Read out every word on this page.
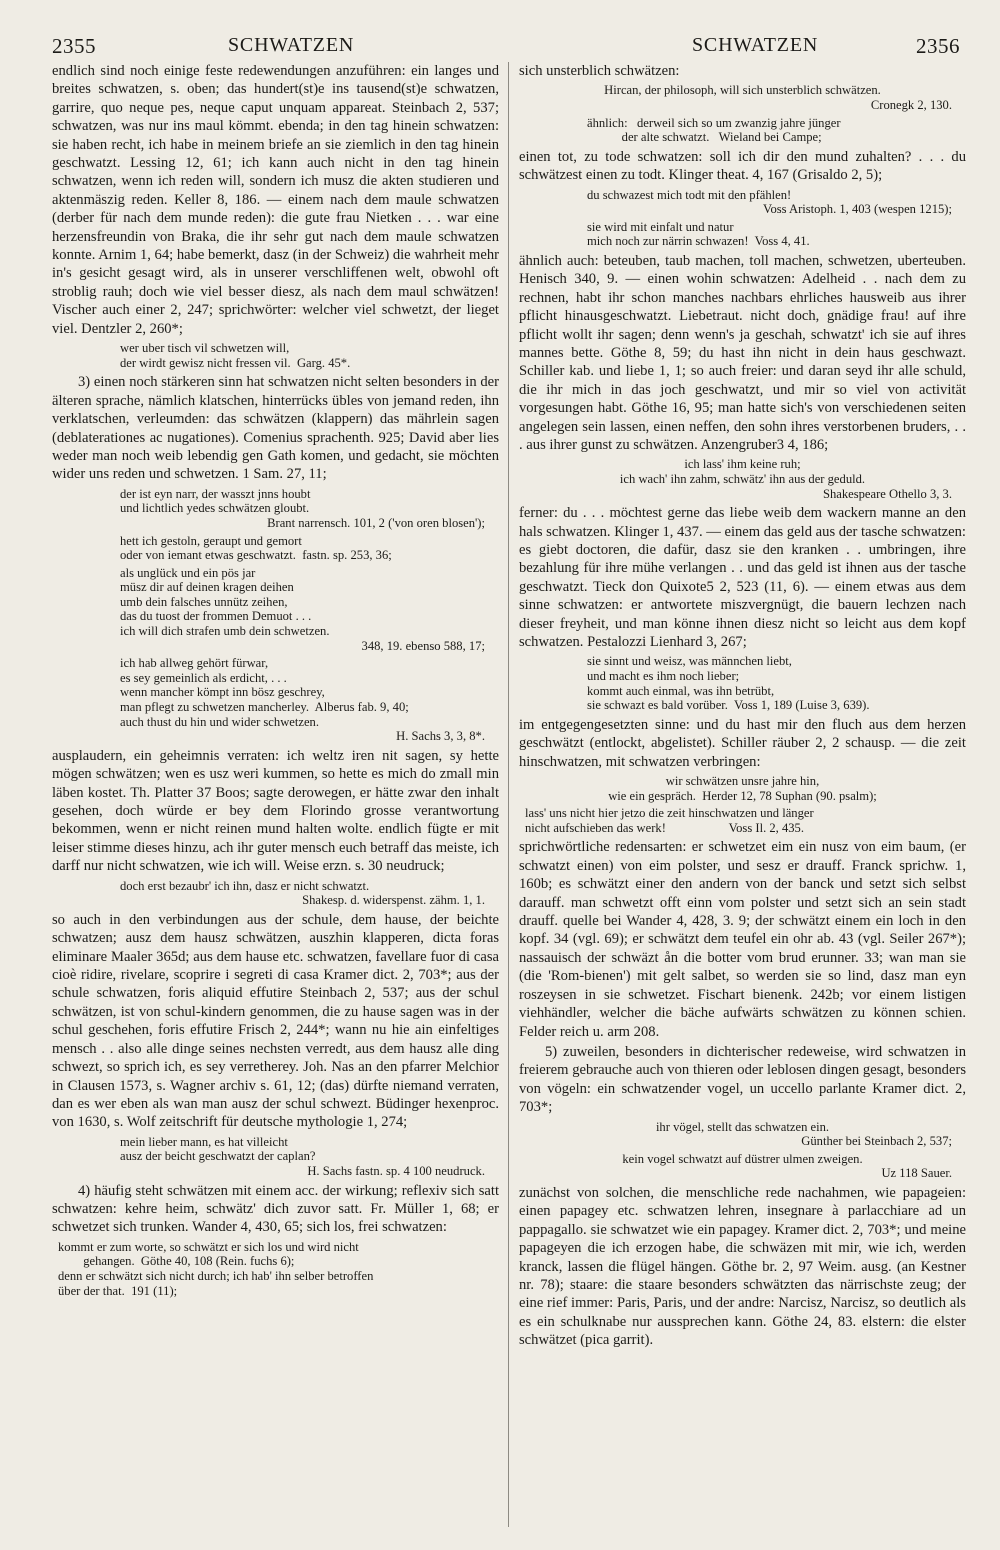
2355	SCHWATZEN	SCHWATZEN	2356
endlich sind noch einige feste redewendungen anzuführen: ein langes und breites schwatzen, s. oben; das hundert(st)e ins tausend(st)e schwatzen, garrire, quo neque pes, neque caput unquam appareat. Steinbach 2, 537; schwatzen, was nur ins maul kömmt. ebenda; in den tag hinein schwatzen: sie haben recht, ich habe in meinem briefe an sie ziemlich in den tag hinein geschwatzt. Lessing 12, 61; ich kann auch nicht in den tag hinein schwatzen, wenn ich reden will, sondern ich musz die akten studieren und aktenmäszig reden. Keller 8, 186. — einem nach dem maule schwatzen (derber für nach dem munde reden): die gute frau Nietken . . . war eine herzensfreundin von Braka, die ihr sehr gut nach dem maule schwatzen konnte. Arnim 1, 64; habe bemerkt, dasz (in der Schweiz) die wahrheit mehr in's gesicht gesagt wird, als in unserer verschliffenen welt, obwohl oft stroblig rauh; doch wie viel besser diesz, als nach dem maul schwätzen! Vischer auch einer 2, 247; sprichwörter: welcher viel schwetzt, der lieget viel. Dentzler 2, 260*;
wer uber tisch vil schwetzen will,
der wirdt gewisz nicht fressen vil.  Garg. 45*.
3) einen noch stärkeren sinn hat schwatzen nicht selten besonders in der älteren sprache, nämlich klatschen, hinterrücks übles von jemand reden, ihn verklatschen, verleumden: das schwätzen (klappern) das mährlein sagen (deblaterationes ac nugationes). Comenius sprachenth. 925; David aber lies weder man noch weib lebendig gen Gath komen, und gedacht, sie möchten wider uns reden und schwetzen. 1 Sam. 27, 11;
der ist eyn narr, der wasszt jnns houbt
und lichtlich yedes schwätzen gloubt.
Brant narrensch. 101, 2 ('von oren blosen');
hett ich gestoln, geraupt und gemort
oder von iemant etwas geschwatzt.  fastn. sp. 253, 36;
als unglück und ein pös jar
müsz dir auf deinen kragen deihen
umb dein falsches unnütz zeihen,
das du tuost der frommen Demuot . . .
ich will dich strafen umb dein schwetzen.
348, 19. ebenso 588, 17;
ich hab allweg gehört fürwar,
es sey gemeinlich als erdicht, . . .
wenn mancher kömpt inn bösz geschrey,
man pflegt zu schwetzen mancherley.  Alberus fab. 9, 40;
auch thust du hin und wider schwetzen.
H. Sachs 3, 3, 8*.
ausplaudern, ein geheimnis verraten: ich weltz iren nit sagen, sy hette mögen schwätzen; wen es usz weri kummen, so hette es mich do zmall min läben kostet. Th. Platter 37 Boos; sagte derowegen, er hätte zwar den inhalt gesehen, doch würde er bey dem Florindo grosse verantwortung bekommen, wenn er nicht reinen mund halten wolte. endlich fügte er mit leiser stimme dieses hinzu, ach ihr guter mensch euch betraff das meiste, ich darff nur nicht schwatzen, wie ich will. Weise erzn. s. 30 neudruck;
doch erst bezaubr' ich ihn, dasz er nicht schwatzt.
Shakesp. d. widerspenst. zähm. 1, 1.
so auch in den verbindungen aus der schule, dem hause, der beichte schwatzen; ausz dem hausz schwätzen, auszhin klapperen, dicta foras eliminare Maaler 365d; aus dem hause etc. schwatzen, favellare fuor di casa cioè ridire, rivelare, scoprire i segreti di casa Kramer dict. 2, 703*; aus der schule schwatzen, foris aliquid effutire Steinbach 2, 537; aus der schul schwätzen, ist von schul-kindern genommen, die zu hause sagen was in der schul geschehen, foris effutire Frisch 2, 244*; wann nu hie ain einfeltiges mensch . . also alle dinge seines nechsten verredt, aus dem hausz alle ding schwezt, so sprich ich, es sey verretherey. Joh. Nas an den pfarrer Melchior in Clausen 1573, s. Wagner archiv s. 61, 12; (das) dürfte niemand verraten, dan es wer eben als wan man ausz der schul schwezt. Büdinger hexenproc. von 1630, s. Wolf zeitschrift für deutsche mythologie 1, 274;
mein lieber mann, es hat villeicht
ausz der beicht geschwatzt der caplan?
H. Sachs fastn. sp. 4 100 neudruck.
4) häufig steht schwätzen mit einem acc. der wirkung; reflexiv sich satt schwatzen: kehre heim, schwätz' dich zuvor satt. Fr. Müller 1, 68; er schwetzet sich trunken. Wander 4, 430, 65; sich los, frei schwatzen:
kommt er zum worte, so schwätzt er sich los und wird nicht
gehangen.  Göthe 40, 108 (Rein. fuchs 6);
denn er schwätzt sich nicht durch; ich hab' ihn selber betroffen
über der that.  191 (11);
sich unsterblich schwätzen:
Hircan, der philosoph, will sich unsterblich schwätzen.
Cronegk 2, 130.
ähnlich:   derweil sich so um zwanzig jahre jünger
der alte schwatzt.   Wieland bei Campe;
einen tot, zu tode schwatzen: soll ich dir den mund zuhalten? . . . du schwätzest einen zu todt. Klinger theat. 4, 167 (Grisaldo 2, 5);
du schwazest mich todt mit den pfählen!
Voss Aristoph. 1, 403 (wespen 1215);
sie wird mit einfalt und natur
mich noch zur närrin schwazen!  Voss 4, 41.
ähnlich auch: beteuben, taub machen, toll machen, schwetzen, uberteuben. Henisch 340, 9. — einen wohin schwatzen: Adelheid . . nach dem zu rechnen, habt ihr schon manches nachbars ehrliches hausweib aus ihrer pflicht hinausgeschwatzt. Liebetraut. nicht doch, gnädige frau! auf ihre pflicht wollt ihr sagen; denn wenn's ja geschah, schwatzt' ich sie auf ihres mannes bette. Göthe 8, 59; du hast ihn nicht in dein haus geschwazt. Schiller kab. und liebe 1, 1; so auch freier: und daran seyd ihr alle schuld, die ihr mich in das joch geschwatzt, und mir so viel von activität vorgesungen habt. Göthe 16, 95; man hatte sich's von verschiedenen seiten angelegen sein lassen, einen neffen, den sohn ihres verstorbenen bruders, . . . aus ihrer gunst zu schwätzen. Anzengruber3 4, 186;
ich lass' ihm keine ruh;
ich wach' ihn zahm, schwätz' ihn aus der geduld.
Shakespeare Othello 3, 3.
ferner: du . . . möchtest gerne das liebe weib dem wackern manne an den hals schwatzen. Klinger 1, 437. — einem das geld aus der tasche schwatzen: es giebt doctoren, die dafür, dasz sie den kranken . . umbringen, ihre bezahlung für ihre mühe verlangen . . und das geld ist ihnen aus der tasche geschwatzt. Tieck don Quixote5 2, 523 (11, 6). — einem etwas aus dem sinne schwatzen: er antwortete miszvergnügt, die bauern lechzen nach dieser freyheit, und man könne ihnen diesz nicht so leicht aus dem kopf schwatzen. Pestalozzi Lienhard 3, 267;
sie sinnt und weisz, was männchen liebt,
und macht es ihm noch lieber;
kommt auch einmal, was ihn betrübt,
sie schwazt es bald vorüber.  Voss 1, 189 (Luise 3, 639).
im entgegengesetzten sinne: und du hast mir den fluch aus dem herzen geschwätzt (entlockt, abgelistet). Schiller räuber 2, 2 schausp. — die zeit hinschwatzen, mit schwatzen verbringen:
wir schwätzen unsre jahre hin,
wie ein gespräch.  Herder 12, 78 Suphan (90. psalm);
lass' uns nicht hier jetzo die zeit hinschwatzen und länger
nicht aufschieben das werk!                    Voss Il. 2, 435.
sprichwörtliche redensarten: er schwetzet eim ein nusz von eim baum, (er schwatzt einen) von eim polster, und sesz er drauff. Franck sprichw. 1, 160b; es schwätzt einer den andern von der banck und setzt sich selbst darauff. man schwetzt offt einn vom polster und setzt sich an sein stadt drauff. quelle bei Wander 4, 428, 3. 9; der schwätzt einem ein loch in den kopf. 34 (vgl. 69); er schwätzt dem teufel ein ohr ab. 43 (vgl. Seiler 267*); nassauisch der schwäzt ån die botter vom brud erunner. 33; wan man sie (die 'Rom-bienen') mit gelt salbet, so werden sie so lind, dasz man eyn roszeysen in sie schwetzet. Fischart bienenk. 242b; vor einem listigen viehhändler, welcher die bäche aufwärts schwätzen zu können schien. Felder reich u. arm 208.
5) zuweilen, besonders in dichterischer redeweise, wird schwatzen in freierem gebrauche auch von thieren oder leblosen dingen gesagt, besonders von vögeln: ein schwatzender vogel, un uccello parlante Kramer dict. 2, 703*;
ihr vögel, stellt das schwatzen ein.
Günther bei Steinbach 2, 537;
kein vogel schwatzt auf düstrer ulmen zweigen.
Uz 118 Sauer.
zunächst von solchen, die menschliche rede nachahmen, wie papageien: einen papagey etc. schwatzen lehren, insegnare à parlacchiare ad un pappagallo. sie schwatzet wie ein papagey. Kramer dict. 2, 703*; und meine papageyen die ich erzogen habe, die schwäzen mit mir, wie ich, werden kranck, lassen die flügel hängen. Göthe br. 2, 97 Weim. ausg. (an Kestner nr. 78); staare: die staare besonders schwätzten das närrischste zeug; der eine rief immer: Paris, Paris, und der andre: Narcisz, Narcisz, so deutlich als es ein schulknabe nur aussprechen kann. Göthe 24, 83. elstern: die elster schwätzet (pica garrit).
